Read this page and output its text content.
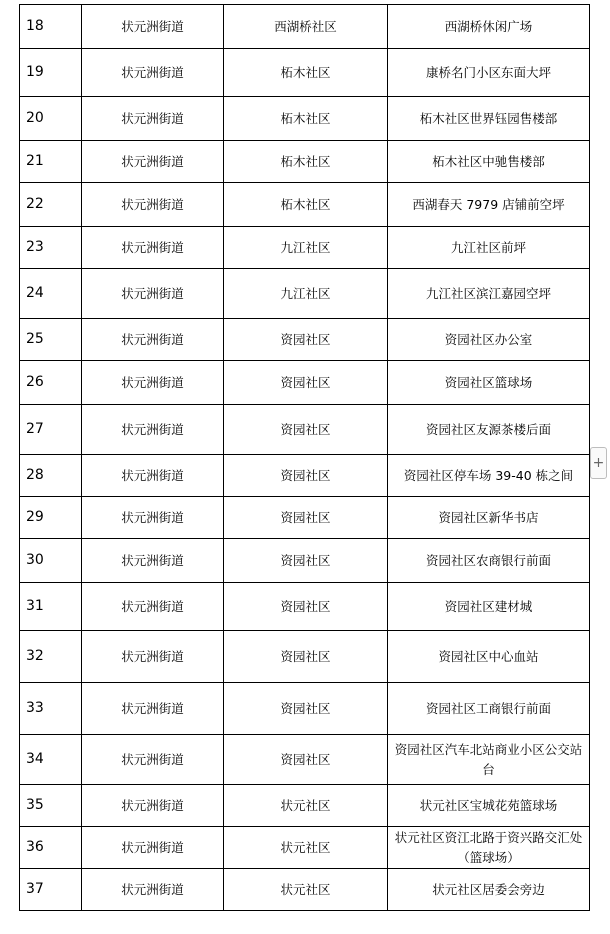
18	状元洲街道	西湖桥社区	西湖桥休闲广场
19	状元洲街道	柘木社区	康桥名门小区东面大坪
20	状元洲街道	柘木社区	柘木社区世界钰园售楼部
21	状元洲街道	柘木社区	柘木社区中驰售楼部
22	状元洲街道	柘木社区	西湖春天 7979 店铺前空坪
23	状元洲街道	九江社区	九江社区前坪
24	状元洲街道	九江社区	九江社区滨江嘉园空坪
25	状元洲街道	资园社区	资园社区办公室
26	状元洲街道	资园社区	资园社区篮球场
27	状元洲街道	资园社区	资园社区友源茶楼后面
28	状元洲街道	资园社区	资园社区停车场 39-40 栋之间
29	状元洲街道	资园社区	资园社区新华书店
30	状元洲街道	资园社区	资园社区农商银行前面
31	状元洲街道	资园社区	资园社区建材城
32	状元洲街道	资园社区	资园社区中心血站
33	状元洲街道	资园社区	资园社区工商银行前面
34	状元洲街道	资园社区	资园社区汽车北站商业小区公交站台
35	状元洲街道	状元社区	状元社区宝城花苑篮球场
36	状元洲街道	状元社区	状元社区资江北路于资兴路交汇处（篮球场）
37	状元洲街道	状元社区	状元社区居委会旁边
+
